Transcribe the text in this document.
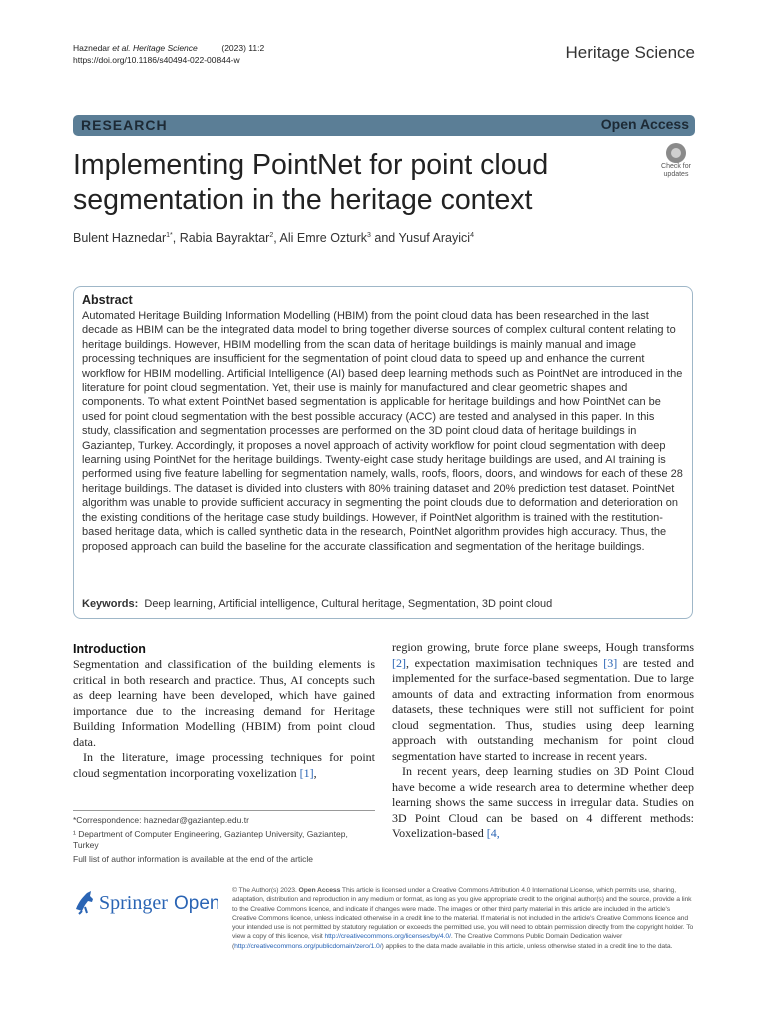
Haznedar et al. Heritage Science	(2023) 11:2
https://doi.org/10.1186/s40494-022-00844-w	Heritage Science
RESEARCH	Open Access
Implementing PointNet for point cloud segmentation in the heritage context
Check for
updates
Bulent Haznedar$^{1*}$, Rabia Bayraktar$^2$, Ali Emre Ozturk$^3$ and Yusuf Arayici$^4$
Abstract
Automated Heritage Building Information Modelling (HBIM) from the point cloud data has been researched in the last decade as HBIM can be the integrated data model to bring together diverse sources of complex cultural content relating to heritage buildings. However, HBIM modelling from the scan data of heritage buildings is mainly manual and image processing techniques are insufficient for the segmentation of point cloud data to speed up and enhance the current workflow for HBIM modelling. Artificial Intelligence (AI) based deep learning methods such as PointNet are introduced in the literature for point cloud segmentation. Yet, their use is mainly for manufactured and clear geometric shapes and components. To what extent PointNet based segmentation is applicable for heritage buildings and how PointNet can be used for point cloud segmentation with the best possible accuracy (ACC) are tested and analysed in this paper. In this study, classification and segmentation processes are performed on the 3D point cloud data of heritage buildings in Gaziantep, Turkey. Accordingly, it proposes a novel approach of activity workflow for point cloud segmentation with deep learning using PointNet for the heritage buildings. Twenty-eight case study heritage buildings are used, and AI training is performed using five feature labelling for segmentation namely, walls, roofs, floors, doors, and windows for each of these 28 heritage buildings. The dataset is divided into clusters with 80% training dataset and 20% prediction test dataset. PointNet algorithm was unable to provide sufficient accuracy in segmenting the point clouds due to deformation and deterioration on the existing conditions of the heritage case study buildings. However, if PointNet algorithm is trained with the restitution-based heritage data, which is called synthetic data in the research, PointNet algorithm provides high accuracy. Thus, the proposed approach can build the baseline for the accurate classification and segmentation of the heritage buildings.
Keywords: Deep learning, Artificial intelligence, Cultural heritage, Segmentation, 3D point cloud
Introduction

Segmentation and classification of the building elements is critical in both research and practice. Thus, AI concepts such as deep learning have been developed, which have gained importance due to the increasing demand for Heritage Building Information Modelling (HBIM) from point cloud data.

In the literature, image processing techniques for point cloud segmentation incorporating voxelization [1],

region growing, brute force plane sweeps, Hough transforms [2], expectation maximisation techniques [3] are tested and implemented for the surface-based segmentation. Due to large amounts of data and extracting information from enormous datasets, these techniques were still not sufficient for point cloud segmentation. Thus, studies using deep learning approach with outstanding mechanism for point cloud segmentation have started to increase in recent years.

In recent years, deep learning studies on 3D Point Cloud have become a wide research area to determine whether deep learning shows the same success in irregular data. Studies on 3D Point Cloud can be based on 4 different methods: Voxelization-based [4,

*Correspondence: haznedar@gaziantep.edu.tr
¹ Department of Computer Engineering, Gaziantep University, Gaziantep, Turkey
Full list of author information is available at the end of the article
Springer Open
© The Author(s) 2023. Open Access This article is licensed under a Creative Commons Attribution 4.0 International License, which permits use, sharing, adaptation, distribution and reproduction in any medium or format, as long as you give appropriate credit to the original author(s) and the source, provide a link to the Creative Commons licence, and indicate if changes were made. The images or other third party material in this article are included in the article's Creative Commons licence, unless indicated otherwise in a credit line to the material. If material is not included in the article's Creative Commons licence and your intended use is not permitted by statutory regulation or exceeds the permitted use, you will need to obtain permission directly from the copyright holder. To view a copy of this licence, visit http://creativecommons.org/licenses/by/4.0/. The Creative Commons Public Domain Dedication waiver (http://creativecommons.org/publicdomain/zero/1.0/) applies to the data made available in this article, unless otherwise stated in a credit line to the data.
